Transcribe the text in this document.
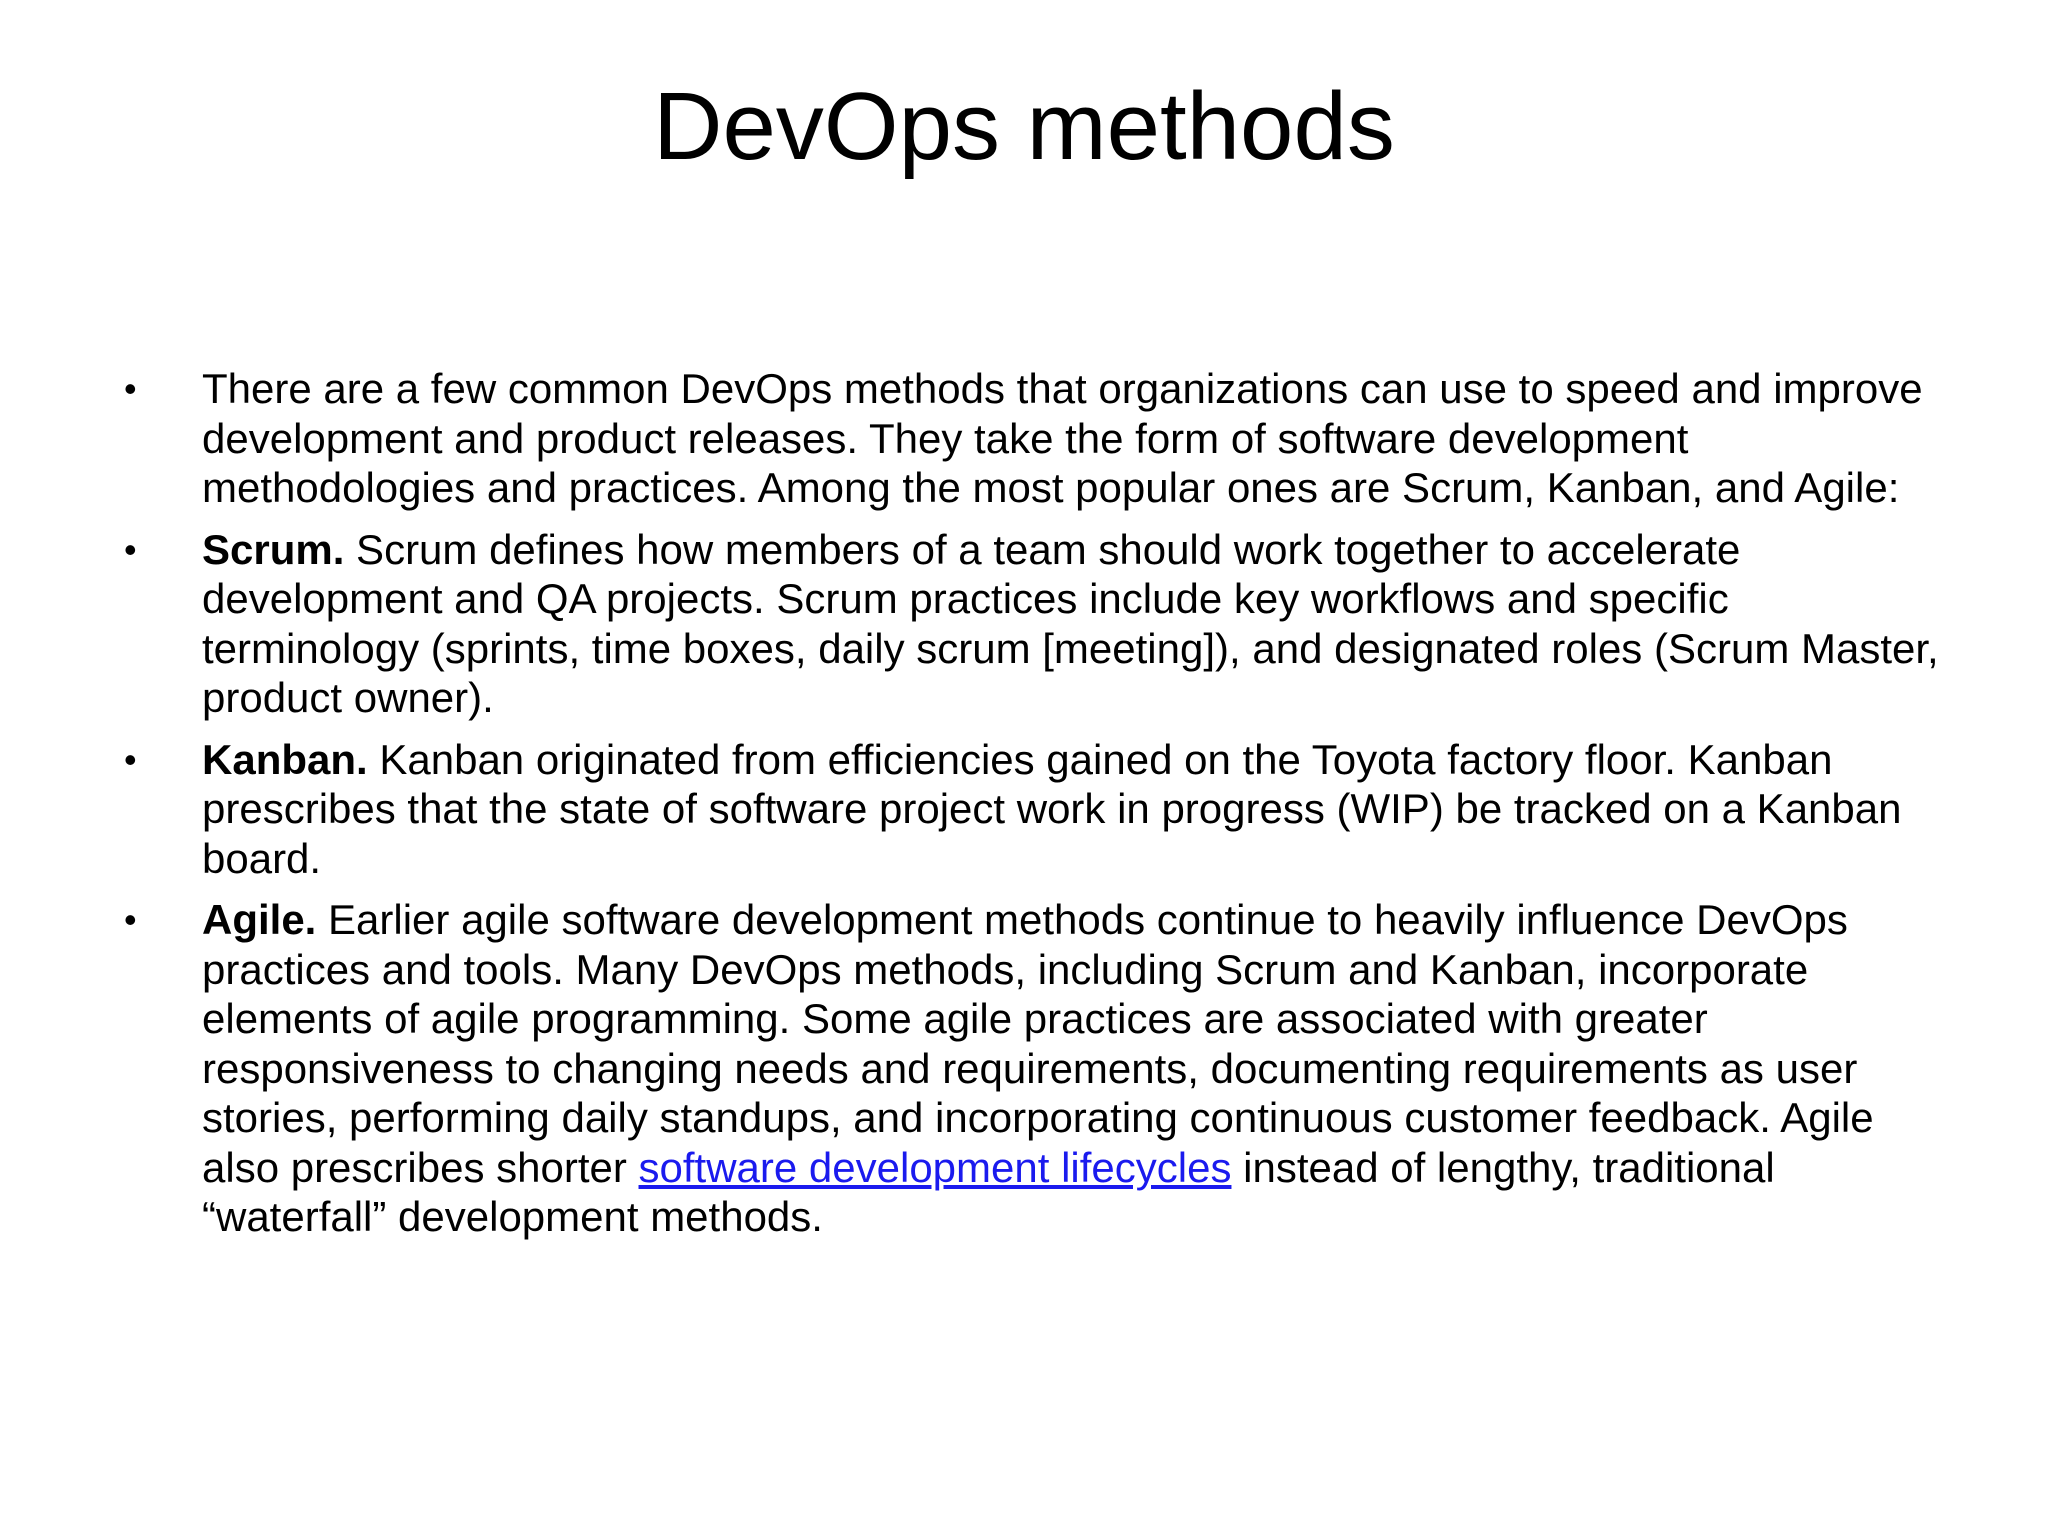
DevOps methods
•	There are a few common DevOps methods that organizations can use to speed and improve development and product releases. They take the form of software development methodologies and practices. Among the most popular ones are Scrum, Kanban, and Agile:
•	Scrum. Scrum defines how members of a team should work together to accelerate development and QA projects. Scrum practices include key workflows and specific terminology (sprints, time boxes, daily scrum [meeting]), and designated roles (Scrum Master, product owner).
•	Kanban. Kanban originated from efficiencies gained on the Toyota factory floor. Kanban prescribes that the state of software project work in progress (WIP) be tracked on a Kanban board.
•	Agile. Earlier agile software development methods continue to heavily influence DevOps practices and tools. Many DevOps methods, including Scrum and Kanban, incorporate elements of agile programming. Some agile practices are associated with greater responsiveness to changing needs and requirements, documenting requirements as user stories, performing daily standups, and incorporating continuous customer feedback. Agile also prescribes shorter software development lifecycles instead of lengthy, traditional “waterfall” development methods.
